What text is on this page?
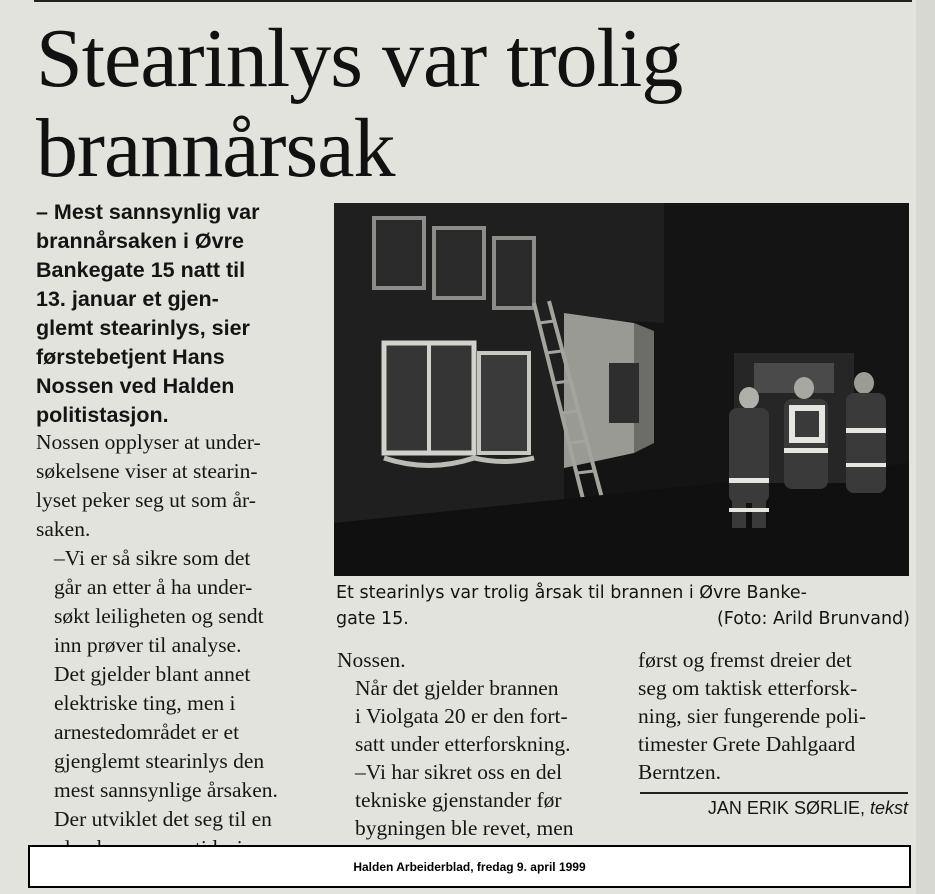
Stearinlys var trolig brannårsak
– Mest sannsynlig var
brannårsaken i Øvre
Bankegate 15 natt til
13. januar et gjen-
glemt stearinlys, sier
førstebetjent Hans
Nossen ved Halden
politistasjon.

Nossen opplyser at under-
søkelsene viser at stearin-
lyset peker seg ut som år-
saken.

–Vi er så sikre som det
går an etter å ha under-
søkt leiligheten og sendt
inn prøver til analyse.
Det gjelder blant annet
elektriske ting, men i
arnestedområdet er et
gjenglemt stearinlys den
mest sannsynlige årsaken.
Der utviklet det seg til en

Et stearinlys var trolig årsak til brannen i Øvre Banke-
gate 15.	(Foto: Arild Brunvand)

Nossen.

Når det gjelder brannen
i Violgata 20 er den fort-
satt under etterforskning.

–Vi har sikret oss en del
tekniske gjenstander før
bygningen ble revet, men

først og fremst dreier det
seg om taktisk etterforsk-
ning, sier fungerende poli-
timester Grete Dahlgaard
Berntzen.

JAN ERIK SØRLIE, tekst
Halden Arbeiderblad, fredag 9. april 1999
